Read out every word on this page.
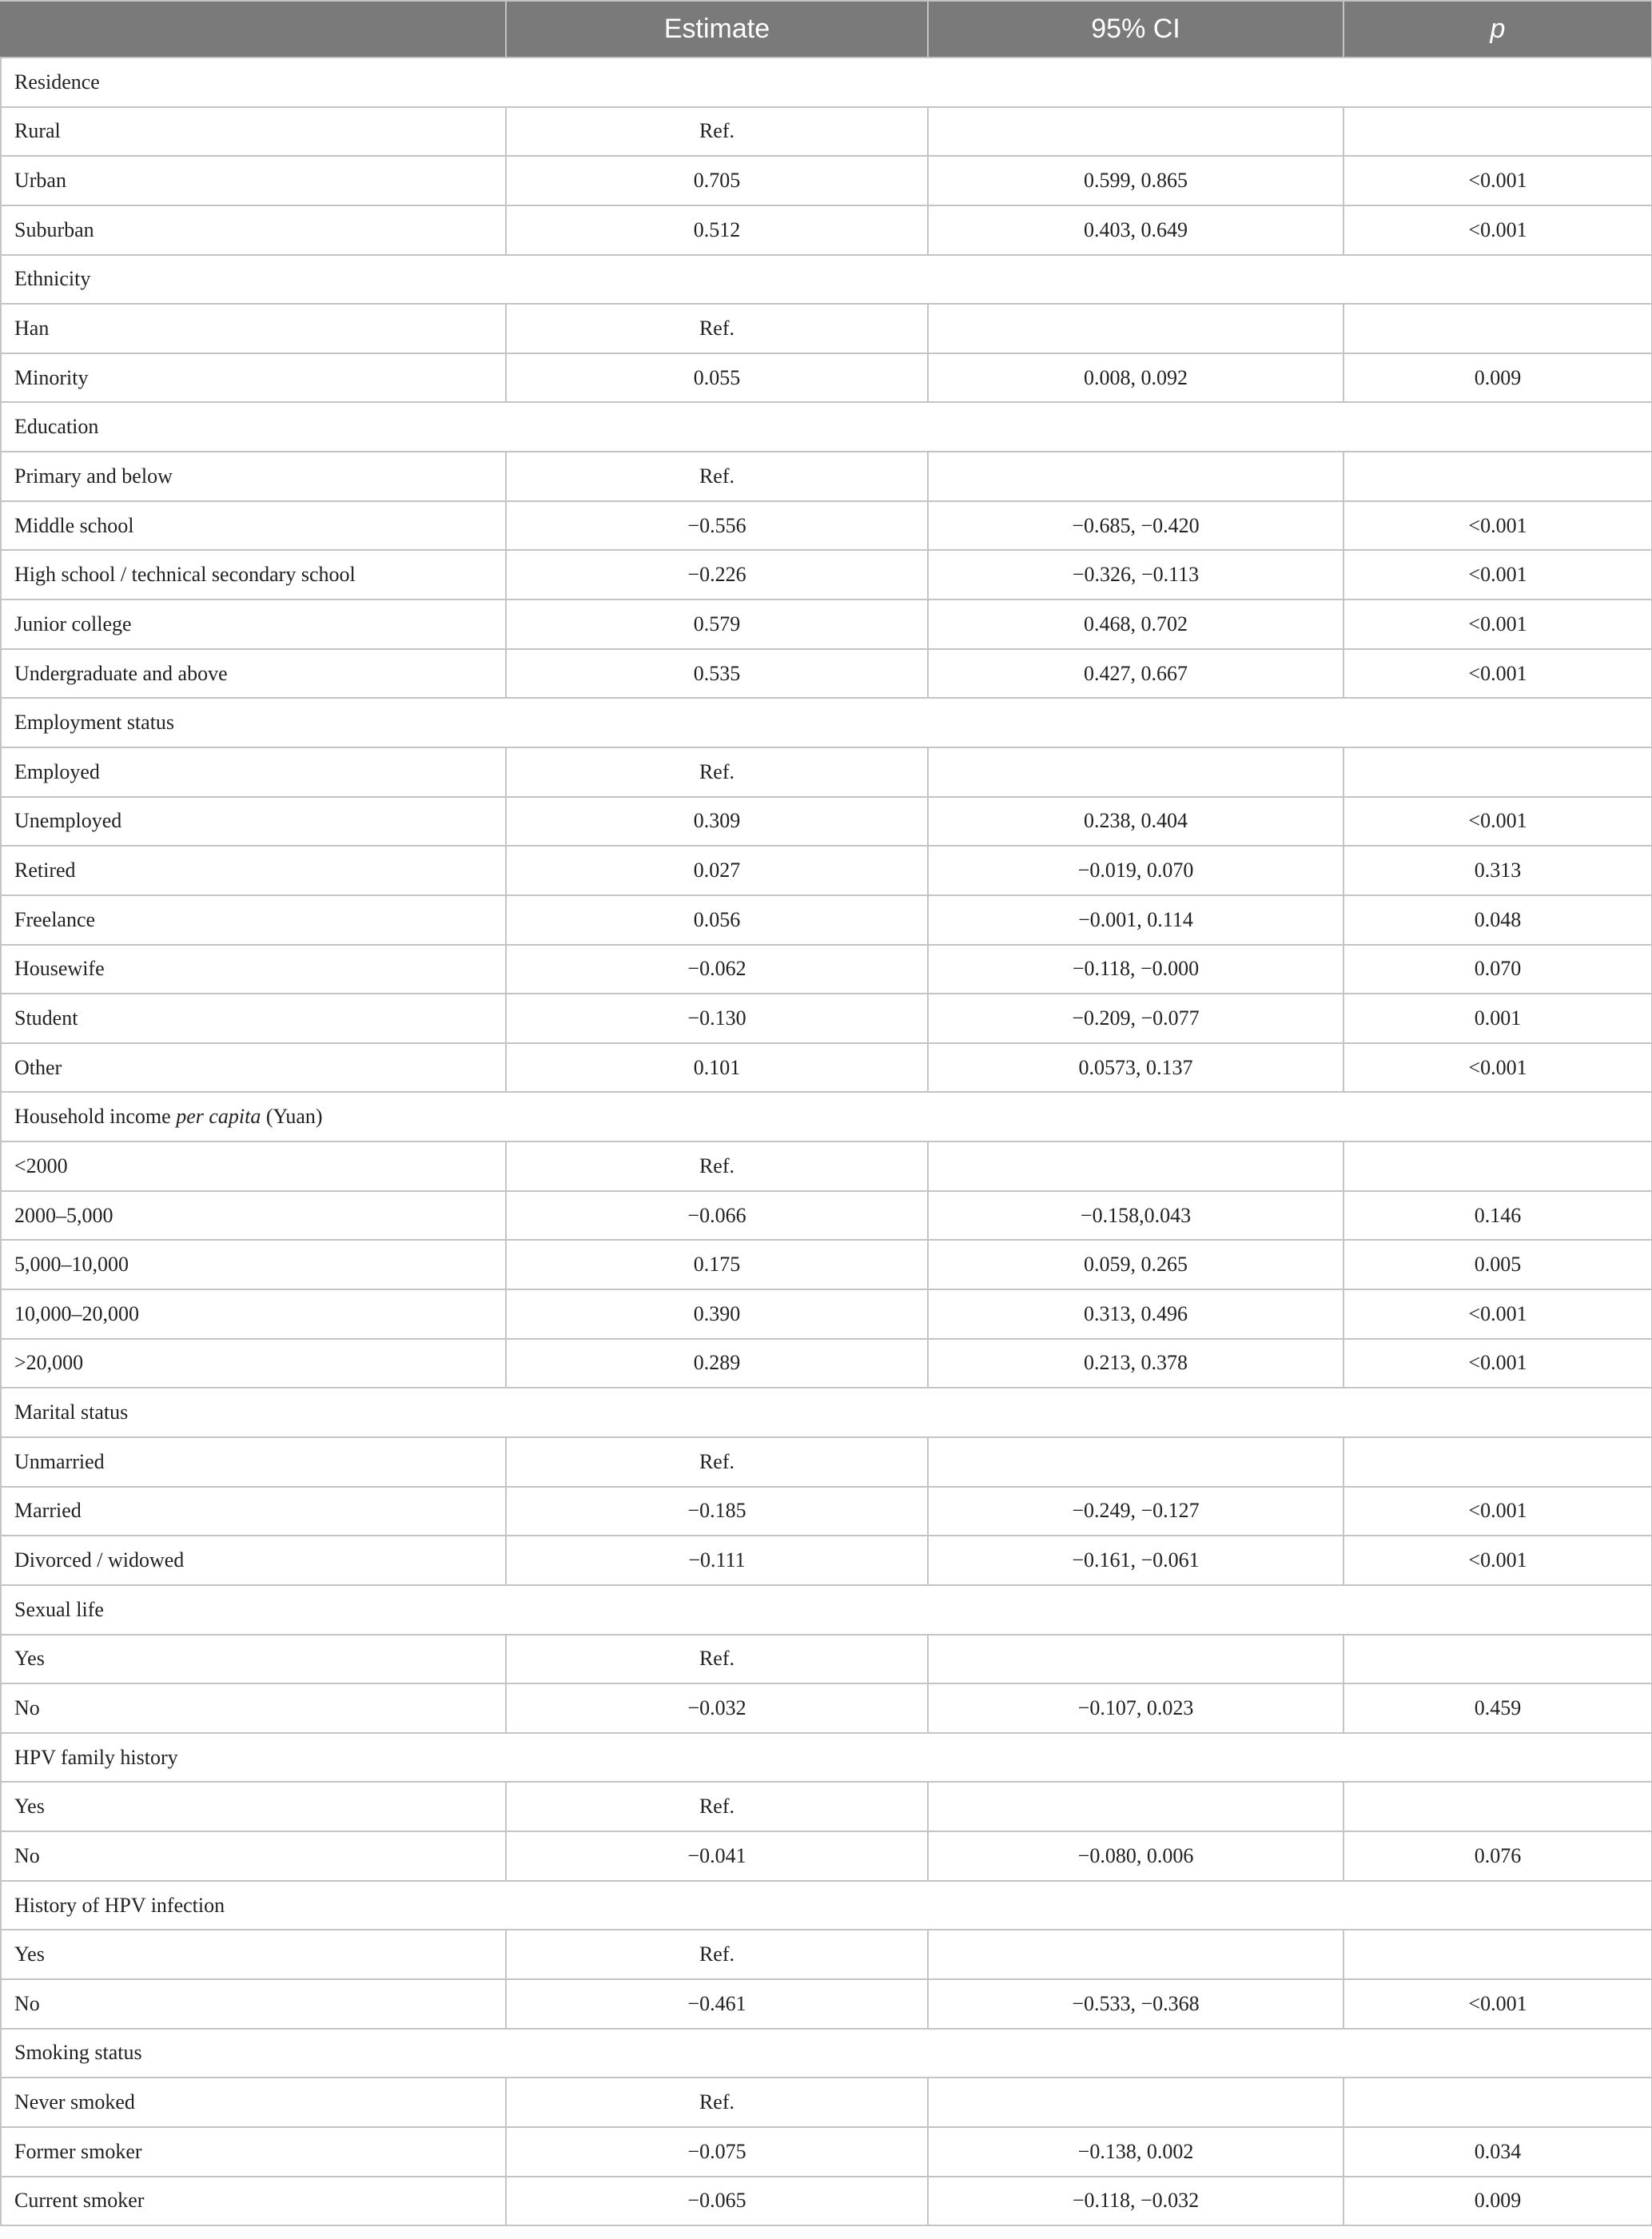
	Estimate	95% CI	p
Residence			
Rural	Ref.		
Urban	0.705	0.599, 0.865	<0.001
Suburban	0.512	0.403, 0.649	<0.001
Ethnicity			
Han	Ref.		
Minority	0.055	0.008, 0.092	0.009
Education			
Primary and below	Ref.		
Middle school	−0.556	−0.685, −0.420	<0.001
High school / technical secondary school	−0.226	−0.326, −0.113	<0.001
Junior college	0.579	0.468, 0.702	<0.001
Undergraduate and above	0.535	0.427, 0.667	<0.001
Employment status			
Employed	Ref.		
Unemployed	0.309	0.238, 0.404	<0.001
Retired	0.027	−0.019, 0.070	0.313
Freelance	0.056	−0.001, 0.114	0.048
Housewife	−0.062	−0.118, −0.000	0.070
Student	−0.130	−0.209, −0.077	0.001
Other	0.101	0.0573, 0.137	<0.001
Household income per capita (Yuan)			
<2000	Ref.		
2000–5,000	−0.066	−0.158,0.043	0.146
5,000–10,000	0.175	0.059, 0.265	0.005
10,000–20,000	0.390	0.313, 0.496	<0.001
>20,000	0.289	0.213, 0.378	<0.001
Marital status			
Unmarried	Ref.		
Married	−0.185	−0.249, −0.127	<0.001
Divorced / widowed	−0.111	−0.161, −0.061	<0.001
Sexual life			
Yes	Ref.		
No	−0.032	−0.107, 0.023	0.459
HPV family history			
Yes	Ref.		
No	−0.041	−0.080, 0.006	0.076
History of HPV infection			
Yes	Ref.		
No	−0.461	−0.533, −0.368	<0.001
Smoking status			
Never smoked	Ref.		
Former smoker	−0.075	−0.138, 0.002	0.034
Current smoker	−0.065	−0.118, −0.032	0.009
